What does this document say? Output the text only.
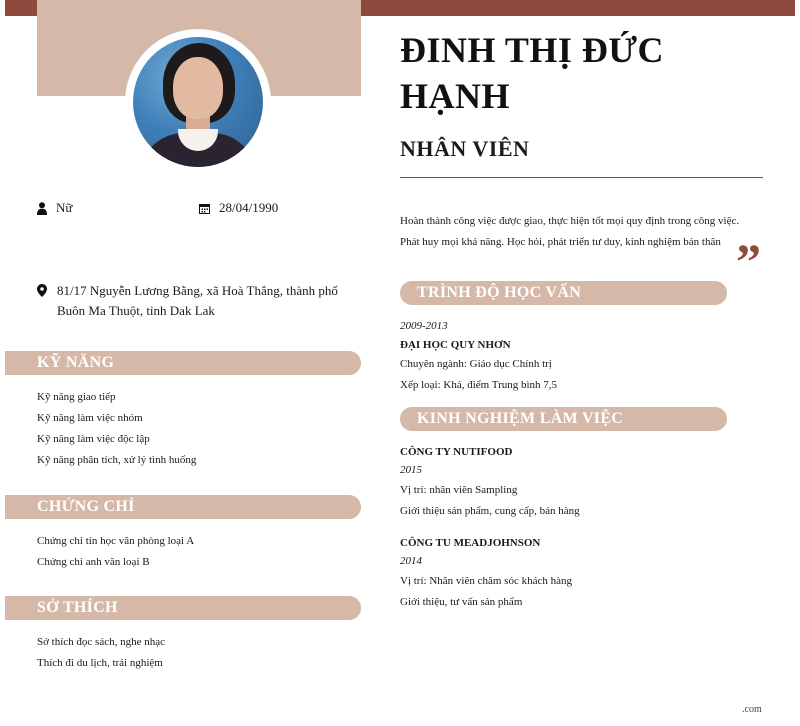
Nữ	28/04/1990
81/17 Nguyễn Lương Bằng, xã Hoà Thắng, thành phố Buôn Ma Thuột, tỉnh Dak Lak
KỸ NĂNG
Kỹ năng giao tiếp
Kỹ năng làm việc nhóm
Kỹ năng làm việc độc lập
Kỹ năng phân tích, xử lý tình huống
CHỨNG CHỈ
Chứng chỉ tin học văn phòng loại A
Chứng chỉ anh văn loại B
SỞ THÍCH
Sở thích đọc sách, nghe nhạc
Thích đi du lịch, trải nghiệm
ĐINH THỊ ĐỨC HẠNH
NHÂN VIÊN

Hoàn thành công việc được giao, thực hiện tốt mọi quy định trong công việc.

Phát huy mọi khả năng. Học hỏi, phát triển tư duy, kinh nghiệm bản thân ”
TRÌNH ĐỘ HỌC VẤN
2009-2013
ĐẠI HỌC QUY NHƠN
Chuyên ngành: Giáo dục Chính trị
Xếp loại: Khá, điểm Trung bình 7,5
KINH NGHIỆM LÀM VIỆC
CÔNG TY NUTIFOOD
2015
Vị trí: nhân viên Sampling
Giới thiệu sản phẩm, cung cấp, bán hàng
CÔNG TU MEADJOHNSON
2014
Vị trí: Nhân viên chăm sóc khách hàng
Giới thiệu, tư vấn sản phẩm
.com
